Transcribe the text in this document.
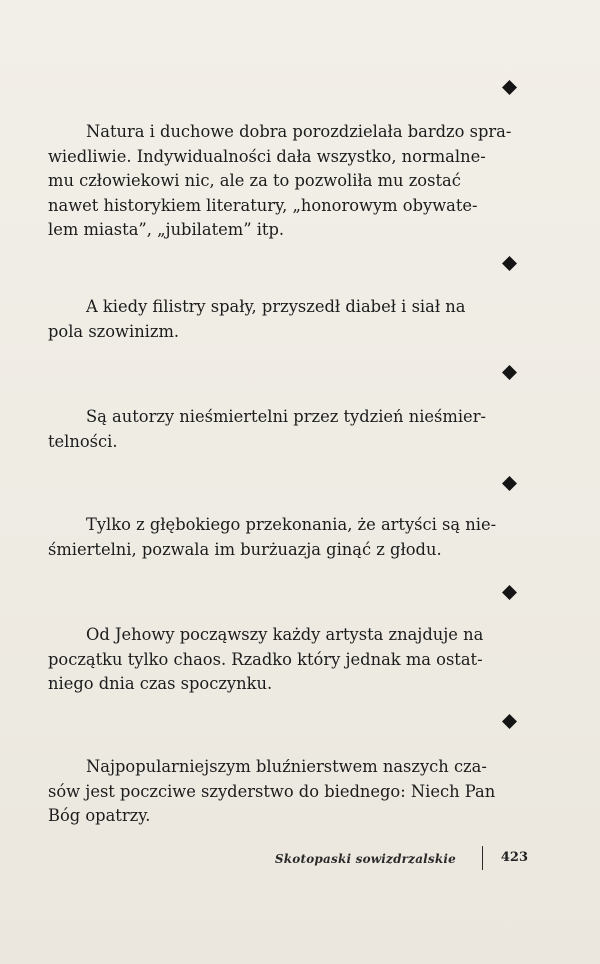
Natura i duchowe dobra porozdzielała bardzo spra-
wiedliwie. Indywidualności dała wszystko, normalne-
mu człowiekowi nic, ale za to pozwoliła mu zostać
nawet historykiem literatury, „honorowym obywate-
lem miasta”, „jubilatem” itp.

A kiedy filistry spały, przyszedł diabeł i siał na
pola szowinizm.

Są autorzy nieśmiertelni przez tydzień nieśmier-
telności.

Tylko z głębokiego przekonania, że artyści są nie-
śmiertelni, pozwala im burżuazja ginąć z głodu.

Od Jehowy począwszy każdy artysta znajduje na
początku tylko chaos. Rzadko który jednak ma ostat-
niego dnia czas spoczynku.

Najpopularniejszym bluźnierstwem naszych cza-
sów jest poczciwe szyderstwo do biednego: Niech Pan
Bóg opatrzy.

Skotopaski sowizdrzalskie	423
